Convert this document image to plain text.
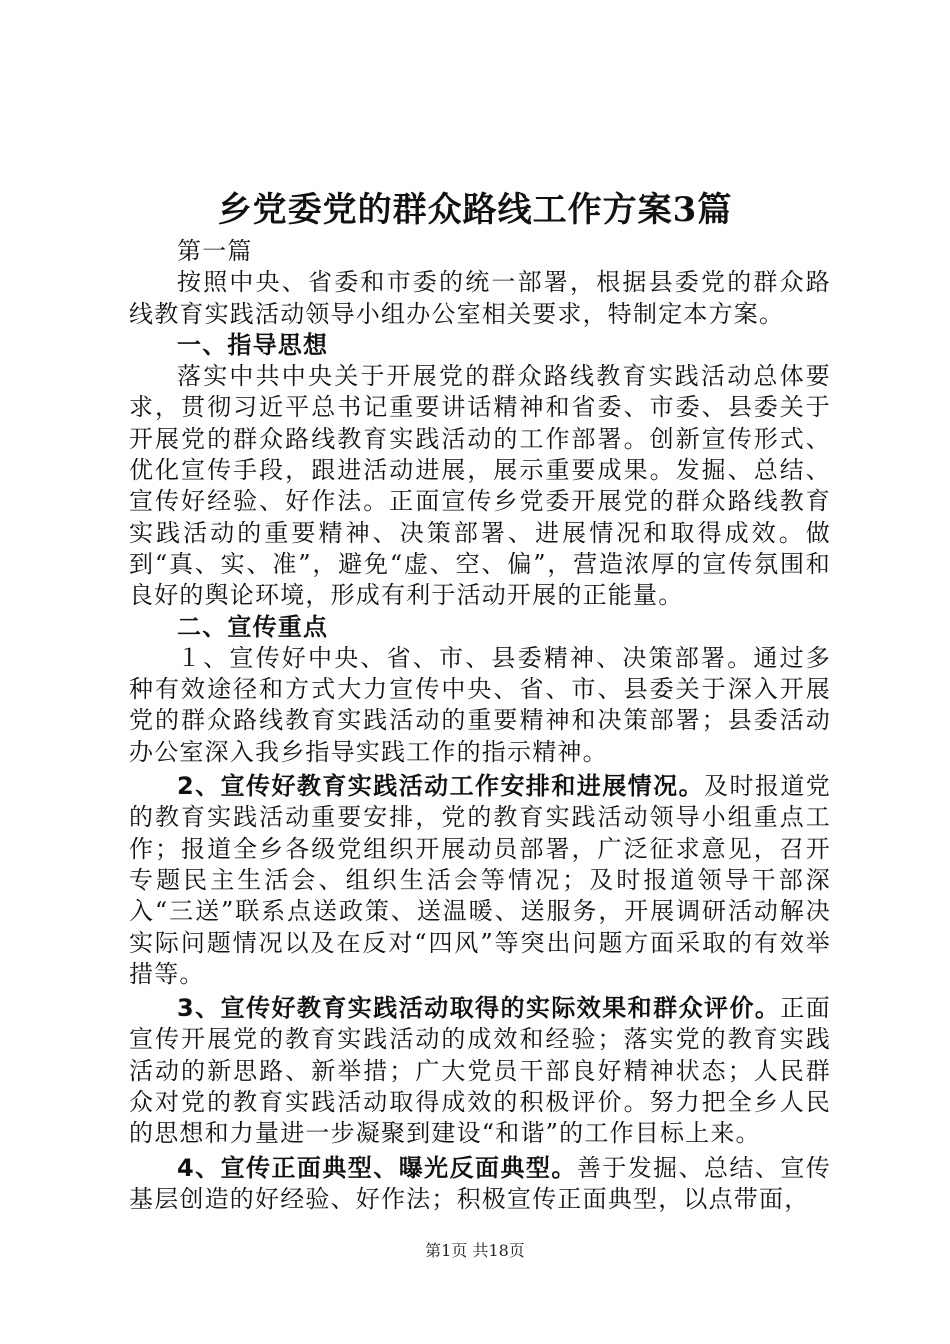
乡党委党的群众路线工作方案3篇

第一篇

按照中央、省委和市委的统一部署，根据县委党的群众路线教育实践活动领导小组办公室相关要求，特制定本方案。

一、指导思想

落实中共中央关于开展党的群众路线教育实践活动总体要求，贯彻习近平总书记重要讲话精神和省委、市委、县委关于开展党的群众路线教育实践活动的工作部署。创新宣传形式、优化宣传手段，跟进活动进展，展示重要成果。发掘、总结、宣传好经验、好作法。正面宣传乡党委开展党的群众路线教育实践活动的重要精神、决策部署、进展情况和取得成效。做到“真、实、准”，避免“虚、空、偏”，营造浓厚的宣传氛围和良好的舆论环境，形成有利于活动开展的正能量。

二、宣传重点

１、宣传好中央、省、市、县委精神、决策部署。通过多种有效途径和方式大力宣传中央、省、市、县委关于深入开展党的群众路线教育实践活动的重要精神和决策部署；县委活动办公室深入我乡指导实践工作的指示精神。

2、宣传好教育实践活动工作安排和进展情况。及时报道党的教育实践活动重要安排，党的教育实践活动领导小组重点工作；报道全乡各级党组织开展动员部署，广泛征求意见，召开专题民主生活会、组织生活会等情况；及时报道领导干部深入“三送”联系点送政策、送温暖、送服务，开展调研活动解决实际问题情况以及在反对“四风”等突出问题方面采取的有效举措等。

3、宣传好教育实践活动取得的实际效果和群众评价。正面宣传开展党的教育实践活动的成效和经验；落实党的教育实践活动的新思路、新举措；广大党员干部良好精神状态；人民群众对党的教育实践活动取得成效的积极评价。努力把全乡人民的思想和力量进一步凝聚到建设“和谐”的工作目标上来。

4、宣传正面典型、曝光反面典型。善于发掘、总结、宣传基层创造的好经验、好作法；积极宣传正面典型，以点带面，

第1页 共18页
